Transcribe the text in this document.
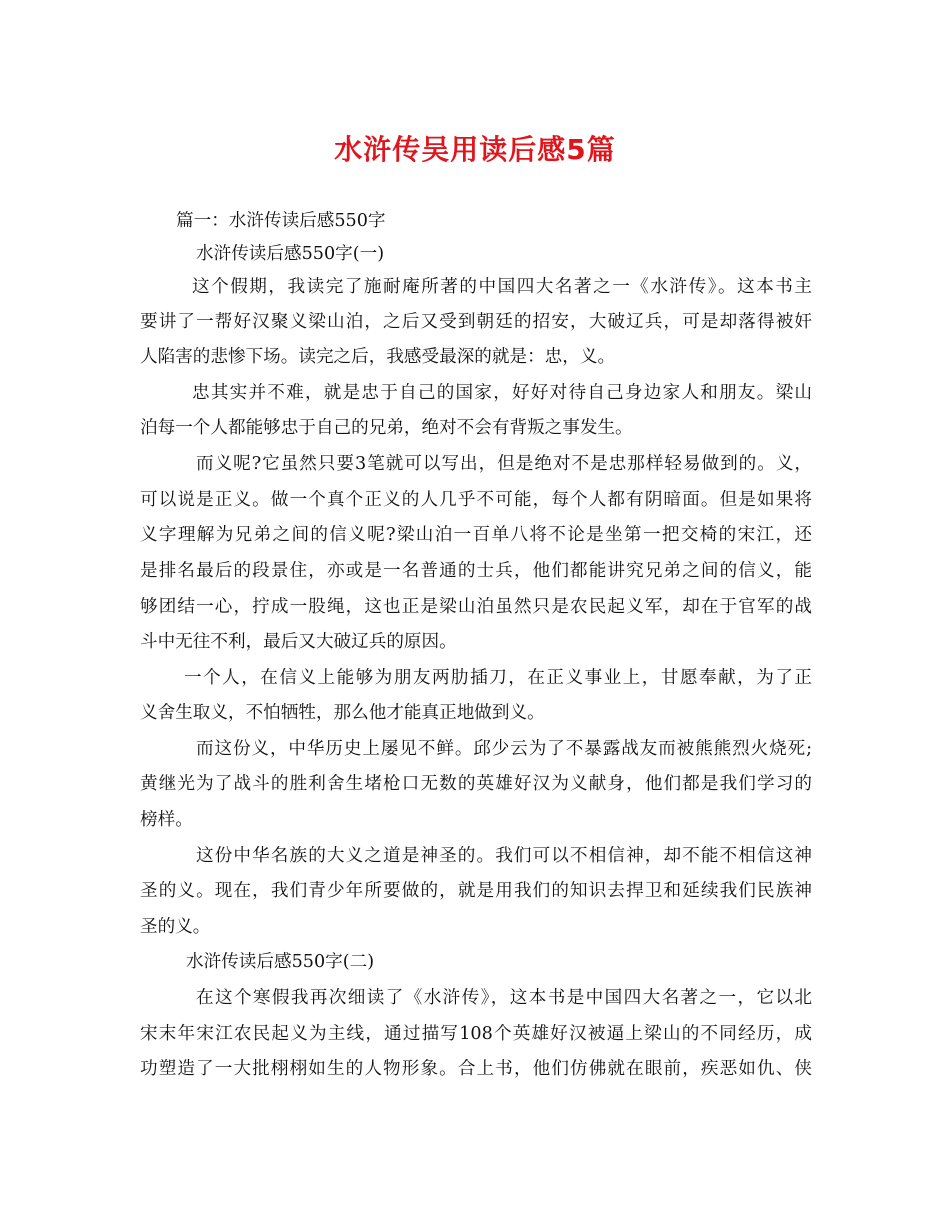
水浒传吴用读后感5篇
篇一：水浒传读后感550字
水浒传读后感550字(一)
这个假期，我读完了施耐庵所著的中国四大名著之一《水浒传》。这本书主
要讲了一帮好汉聚义梁山泊，之后又受到朝廷的招安，大破辽兵，可是却落得被奸
人陷害的悲惨下场。读完之后，我感受最深的就是：忠，义。
忠其实并不难，就是忠于自己的国家，好好对待自己身边家人和朋友。梁山
泊每一个人都能够忠于自己的兄弟，绝对不会有背叛之事发生。
而义呢?它虽然只要3笔就可以写出，但是绝对不是忠那样轻易做到的。义，
可以说是正义。做一个真个正义的人几乎不可能，每个人都有阴暗面。但是如果将
义字理解为兄弟之间的信义呢?梁山泊一百单八将不论是坐第一把交椅的宋江，还
是排名最后的段景住，亦或是一名普通的士兵，他们都能讲究兄弟之间的信义，能
够团结一心，拧成一股绳，这也正是梁山泊虽然只是农民起义军，却在于官军的战
斗中无往不利，最后又大破辽兵的原因。
一个人，在信义上能够为朋友两肋插刀，在正义事业上，甘愿奉献，为了正
义舍生取义，不怕牺牲，那么他才能真正地做到义。
而这份义，中华历史上屡见不鲜。邱少云为了不暴露战友而被熊熊烈火烧死;
黄继光为了战斗的胜利舍生堵枪口无数的英雄好汉为义献身，他们都是我们学习的
榜样。
这份中华名族的大义之道是神圣的。我们可以不相信神，却不能不相信这神
圣的义。现在，我们青少年所要做的，就是用我们的知识去捍卫和延续我们民族神
圣的义。
水浒传读后感550字(二)
在这个寒假我再次细读了《水浒传》，这本书是中国四大名著之一，它以北
宋末年宋江农民起义为主线，通过描写108个英雄好汉被逼上梁山的不同经历，成
功塑造了一大批栩栩如生的人物形象。合上书，他们仿佛就在眼前，疾恶如仇、侠
